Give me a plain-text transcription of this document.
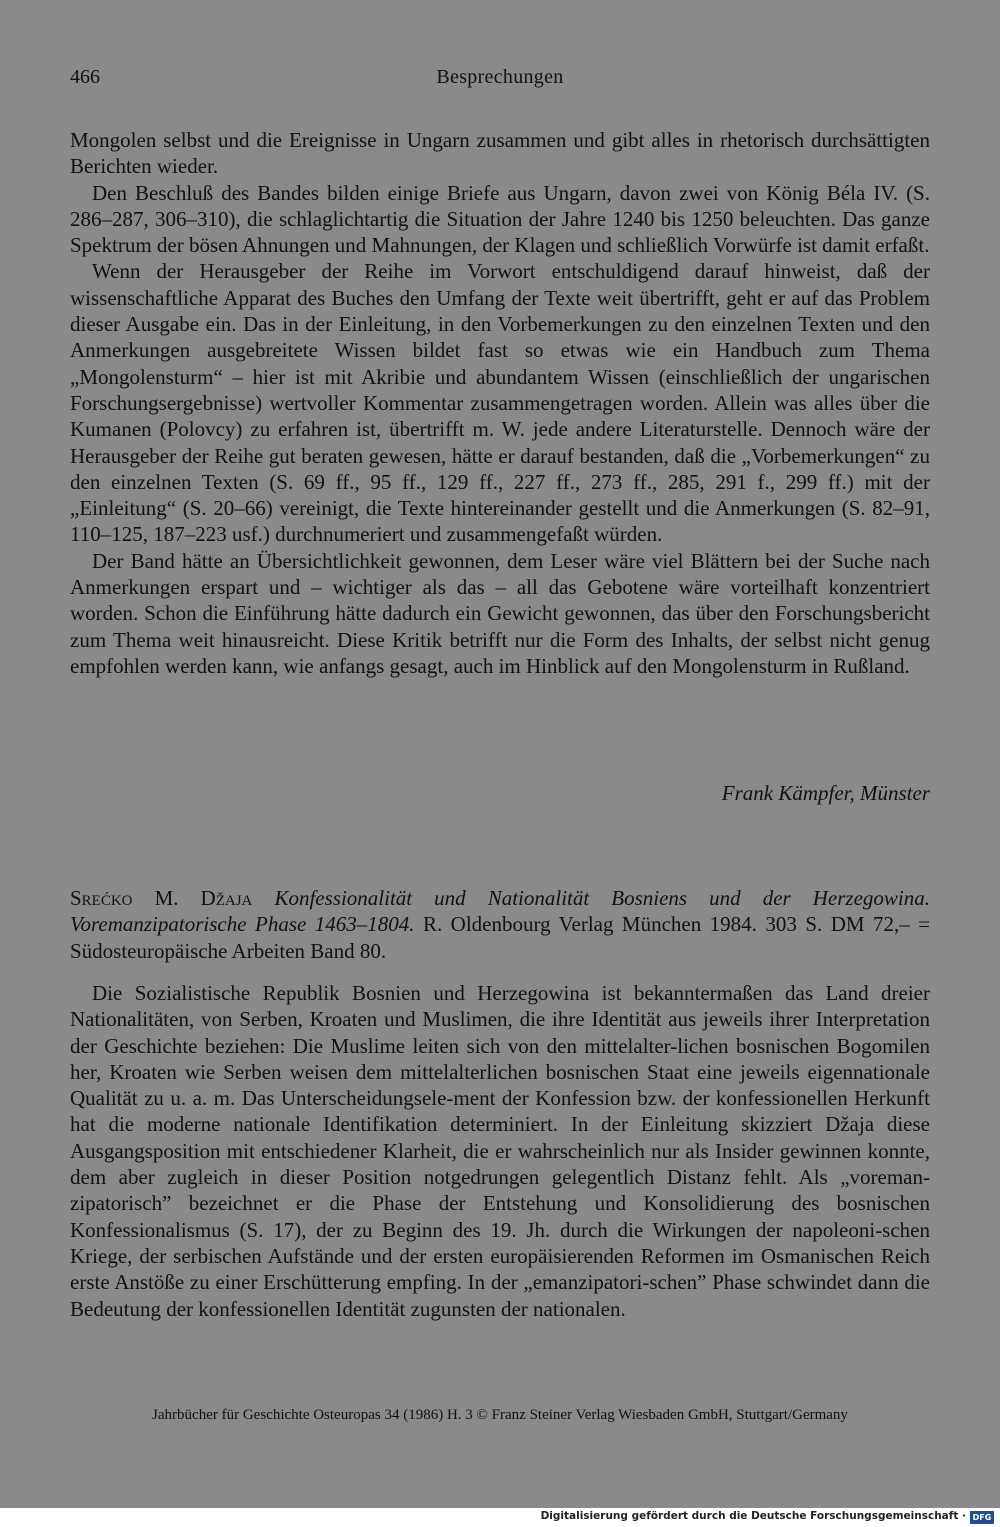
466	Besprechungen

Mongolen selbst und die Ereignisse in Ungarn zusammen und gibt alles in rhetorisch durchsättigten Berichten wieder.

Den Beschluß des Bandes bilden einige Briefe aus Ungarn, davon zwei von König Béla IV. (S. 286–287, 306–310), die schlaglichtartig die Situation der Jahre 1240 bis 1250 beleuchten. Das ganze Spektrum der bösen Ahnungen und Mahnungen, der Klagen und schließlich Vorwürfe ist damit erfaßt.

Wenn der Herausgeber der Reihe im Vorwort entschuldigend darauf hinweist, daß der wissenschaftliche Apparat des Buches den Umfang der Texte weit übertrifft, geht er auf das Problem dieser Ausgabe ein. Das in der Einleitung, in den Vorbemerkungen zu den einzelnen Texten und den Anmerkungen ausgebreitete Wissen bildet fast so etwas wie ein Handbuch zum Thema „Mongolensturm“ – hier ist mit Akribie und abundantem Wissen (einschließlich der ungarischen Forschungsergebnisse) wertvoller Kommentar zusammengetragen worden. Allein was alles über die Kumanen (Polovcy) zu erfahren ist, übertrifft m. W. jede andere Literaturstelle. Dennoch wäre der Herausgeber der Reihe gut beraten gewesen, hätte er darauf bestanden, daß die „Vorbemerkungen“ zu den einzelnen Texten (S. 69 ff., 95 ff., 129 ff., 227 ff., 273 ff., 285, 291 f., 299 ff.) mit der „Einleitung“ (S. 20–66) vereinigt, die Texte hintereinander gestellt und die Anmerkungen (S. 82–91, 110–125, 187–223 usf.) durchnumeriert und zusammengefaßt würden.

Der Band hätte an Übersichtlichkeit gewonnen, dem Leser wäre viel Blättern bei der Suche nach Anmerkungen erspart und – wichtiger als das – all das Gebotene wäre vorteilhaft konzentriert worden. Schon die Einführung hätte dadurch ein Gewicht gewonnen, das über den Forschungsbericht zum Thema weit hinausreicht. Diese Kritik betrifft nur die Form des Inhalts, der selbst nicht genug empfohlen werden kann, wie anfangs gesagt, auch im Hinblick auf den Mongolensturm in Rußland.

Frank Kämpfer, Münster
Srećko M. Džaja Konfessionalität und Nationalität Bosniens und der Herzegowina. Voremanzipatorische Phase 1463–1804. R. Oldenbourg Verlag München 1984. 303 S. DM 72,– = Südosteuropäische Arbeiten Band 80.

Die Sozialistische Republik Bosnien und Herzegowina ist bekanntermaßen das Land dreier Nationalitäten, von Serben, Kroaten und Muslimen, die ihre Identität aus jeweils ihrer Interpretation der Geschichte beziehen: Die Muslime leiten sich von den mittelalter-lichen bosnischen Bogomilen her, Kroaten wie Serben weisen dem mittelalterlichen bosnischen Staat eine jeweils eigennationale Qualität zu u. a. m. Das Unterscheidungsele-ment der Konfession bzw. der konfessionellen Herkunft hat die moderne nationale Identifikation determiniert. In der Einleitung skizziert Džaja diese Ausgangsposition mit entschiedener Klarheit, die er wahrscheinlich nur als Insider gewinnen konnte, dem aber zugleich in dieser Position notgedrungen gelegentlich Distanz fehlt. Als „voreman-zipatorisch” bezeichnet er die Phase der Entstehung und Konsolidierung des bosnischen Konfessionalismus (S. 17), der zu Beginn des 19. Jh. durch die Wirkungen der napoleoni-schen Kriege, der serbischen Aufstände und der ersten europäisierenden Reformen im Osmanischen Reich erste Anstöße zu einer Erschütterung empfing. In der „emanzipatori-schen” Phase schwindet dann die Bedeutung der konfessionellen Identität zugunsten der nationalen.

Jahrbücher für Geschichte Osteuropas 34 (1986) H. 3 © Franz Steiner Verlag Wiesbaden GmbH, Stuttgart/Germany
Digitalisierung gefördert durch die Deutsche Forschungsgemeinschaft · DFG
